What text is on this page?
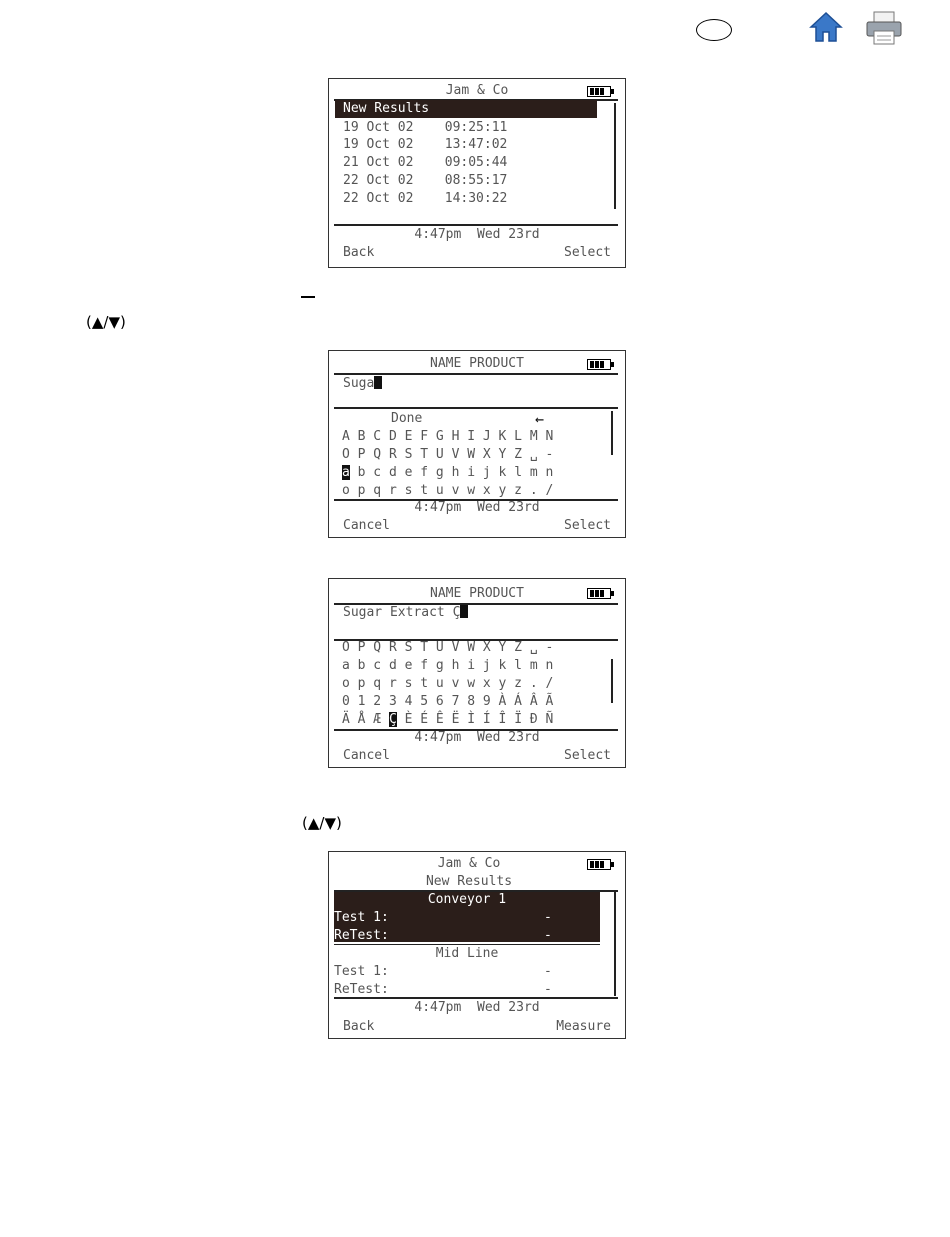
Jam & Co
New Results
19 Oct 02    09:25:11
19 Oct 02    13:47:02
21 Oct 02    09:05:44
22 Oct 02    08:55:17
22 Oct 02    14:30:22
4:47pm  Wed 23rd
Back	Select
(▲/▼)
NAME PRODUCT
Suga
Done	←
A B C D E F G H I J K L M N
O P Q R S T U V W X Y Z ␣ -
a b c d e f g h i j k l m n
o p q r s t u v w x y z . /
4:47pm  Wed 23rd
Cancel	Select
NAME PRODUCT
Sugar Extract Ç
O P Q R S T U V W X Y Z ␣ -
a b c d e f g h i j k l m n
o p q r s t u v w x y z . /
0 1 2 3 4 5 6 7 8 9 À Á Â Ã
Ä Å Æ Ç È É Ê Ë Ì Í Î Ï Ð Ñ
4:47pm  Wed 23rd
Cancel	Select
(▲/▼)
Jam & Co
New Results
Conveyor 1
Test 1:	-
ReTest:	-
Mid Line
Test 1:	-
ReTest:	-
4:47pm  Wed 23rd
Back	Measure
